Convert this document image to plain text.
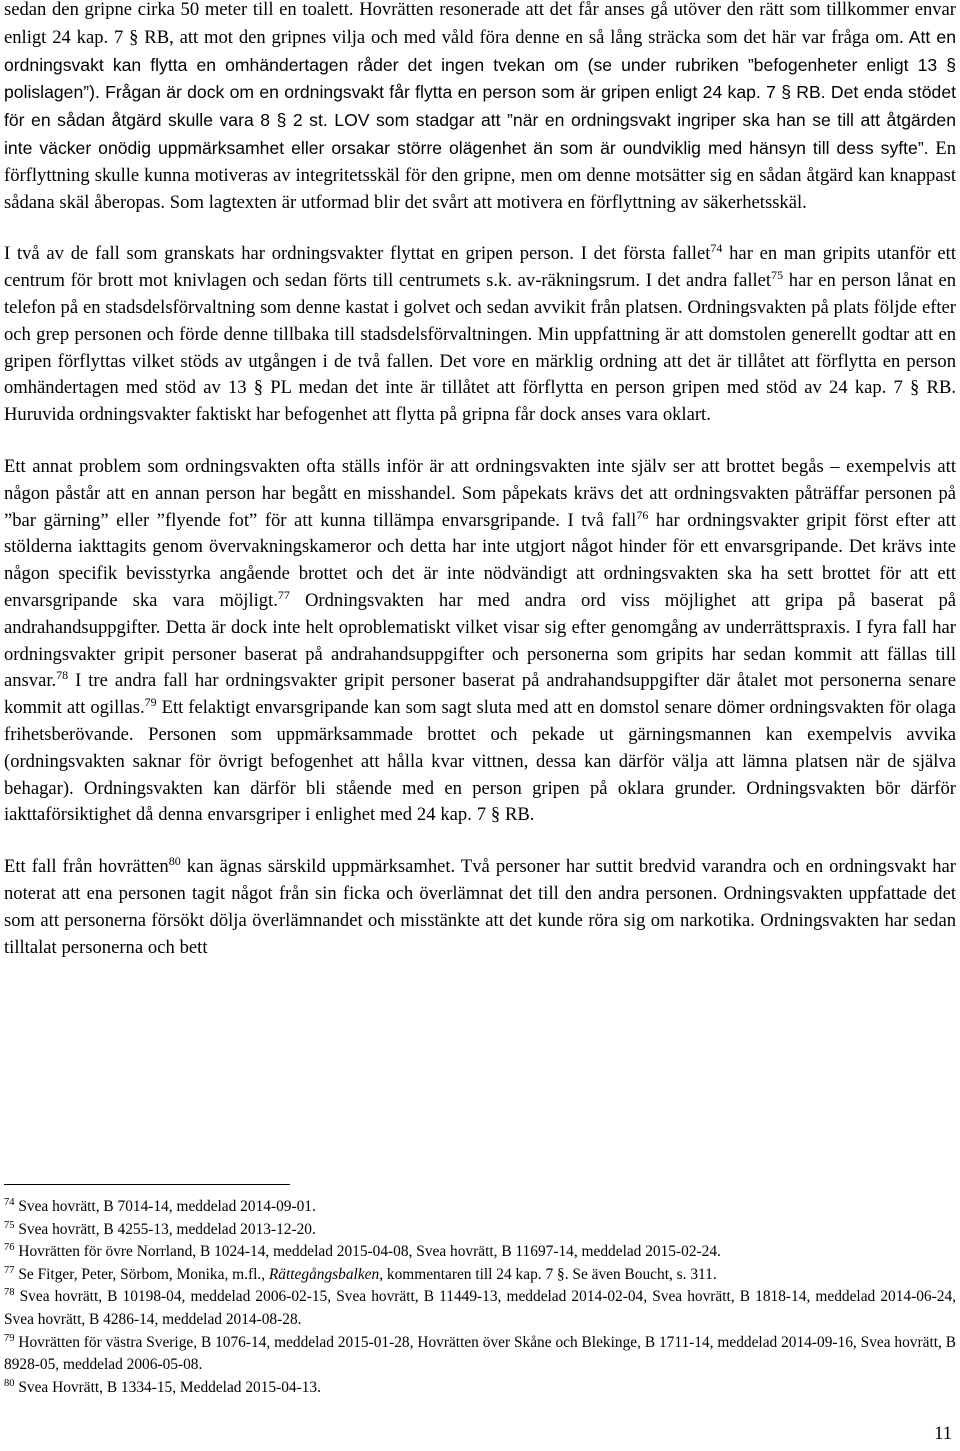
sedan den gripne cirka 50 meter till en toalett. Hovrätten resonerade att det får anses gå utöver den rätt som tillkommer envar enligt 24 kap. 7 § RB, att mot den gripnes vilja och med våld föra denne en så lång sträcka som det här var fråga om. Att en ordningsvakt kan flytta en omhändertagen råder det ingen tvekan om (se under rubriken ”befogenheter enligt 13 § polislagen”). Frågan är dock om en ordningsvakt får flytta en person som är gripen enligt 24 kap. 7 § RB. Det enda stödet för en sådan åtgärd skulle vara 8 § 2 st. LOV som stadgar att ”när en ordningsvakt ingriper ska han se till att åtgärden inte väcker onödig uppmärksamhet eller orsakar större olägenhet än som är oundviklig med hänsyn till dess syfte”. En förflyttning skulle kunna motiveras av integritetsskäl för den gripne, men om denne motsätter sig en sådan åtgärd kan knappast sådana skäl åberopas. Som lagtexten är utformad blir det svårt att motivera en förflyttning av säkerhetsskäl.

I två av de fall som granskats har ordningsvakter flyttat en gripen person. I det första fallet$^{74}$ har en man gripits utanför ett centrum för brott mot knivlagen och sedan förts till centrumets s.k. av-räkningsrum. I det andra fallet$^{75}$ har en person lånat en telefon på en stadsdelsförvaltning som denne kastat i golvet och sedan avvikit från platsen. Ordningsvakten på plats följde efter och grep personen och förde denne tillbaka till stadsdelsförvaltningen. Min uppfattning är att domstolen generellt godtar att en gripen förflyttas vilket stöds av utgången i de två fallen. Det vore en märklig ordning att det är tillåtet att förflytta en person omhändertagen med stöd av 13 § PL medan det inte är tillåtet att förflytta en person gripen med stöd av 24 kap. 7 § RB. Huruvida ordningsvakter faktiskt har befogenhet att flytta på gripna får dock anses vara oklart.

Ett annat problem som ordningsvakten ofta ställs inför är att ordningsvakten inte själv ser att brottet begås – exempelvis att någon påstår att en annan person har begått en misshandel. Som påpekats krävs det att ordningsvakten påträffar personen på ”bar gärning” eller ”flyende fot” för att kunna tillämpa envarsgripande. I två fall$^{76}$ har ordningsvakter gripit först efter att stölderna iakttagits genom övervakningskameror och detta har inte utgjort något hinder för ett envarsgripande. Det krävs inte någon specifik bevisstyrka angående brottet och det är inte nödvändigt att ordningsvakten ska ha sett brottet för att ett envarsgripande ska vara möjligt.$^{77}$ Ordningsvakten har med andra ord viss möjlighet att gripa på baserat på andrahandsuppgifter. Detta är dock inte helt oproblematiskt vilket visar sig efter genomgång av underrättspraxis. I fyra fall har ordningsvakter gripit personer baserat på andrahandsuppgifter och personerna som gripits har sedan kommit att fällas till ansvar.$^{78}$ I tre andra fall har ordningsvakter gripit personer baserat på andrahandsuppgifter där åtalet mot personerna senare kommit att ogillas.$^{79}$ Ett felaktigt envarsgripande kan som sagt sluta med att en domstol senare dömer ordningsvakten för olaga frihetsberövande. Personen som uppmärksammade brottet och pekade ut gärningsmannen kan exempelvis avvika (ordningsvakten saknar för övrigt befogenhet att hålla kvar vittnen, dessa kan därför välja att lämna platsen när de själva behagar). Ordningsvakten kan därför bli stående med en person gripen på oklara grunder. Ordningsvakten bör därför iakttaförsiktighet då denna envarsgriper i enlighet med 24 kap. 7 § RB.

Ett fall från hovrätten$^{80}$ kan ägnas särskild uppmärksamhet. Två personer har suttit bredvid varandra och en ordningsvakt har noterat att ena personen tagit något från sin ficka och överlämnat det till den andra personen. Ordningsvakten uppfattade det som att personerna försökt dölja överlämnandet och misstänkte att det kunde röra sig om narkotika. Ordningsvakten har sedan tilltalat personerna och bett

$^{74}$ Svea hovrätt, B 7014-14, meddelad 2014-09-01.

$^{75}$ Svea hovrätt, B 4255-13, meddelad 2013-12-20.

$^{76}$ Hovrätten för övre Norrland, B 1024-14, meddelad 2015-04-08, Svea hovrätt, B 11697-14, meddelad 2015-02-24.

$^{77}$ Se Fitger, Peter, Sörbom, Monika, m.fl., Rättegångsbalken, kommentaren till 24 kap. 7 §. Se även Boucht, s. 311.

$^{78}$ Svea hovrätt, B 10198-04, meddelad 2006-02-15, Svea hovrätt, B 11449-13, meddelad 2014-02-04, Svea hovrätt, B 1818-14, meddelad 2014-06-24, Svea hovrätt, B 4286-14, meddelad 2014-08-28.

$^{79}$ Hovrätten för västra Sverige, B 1076-14, meddelad 2015-01-28, Hovrätten över Skåne och Blekinge, B 1711-14, meddelad 2014-09-16, Svea hovrätt, B 8928-05, meddelad 2006-05-08.

$^{80}$ Svea Hovrätt, B 1334-15, Meddelad 2015-04-13.

11
